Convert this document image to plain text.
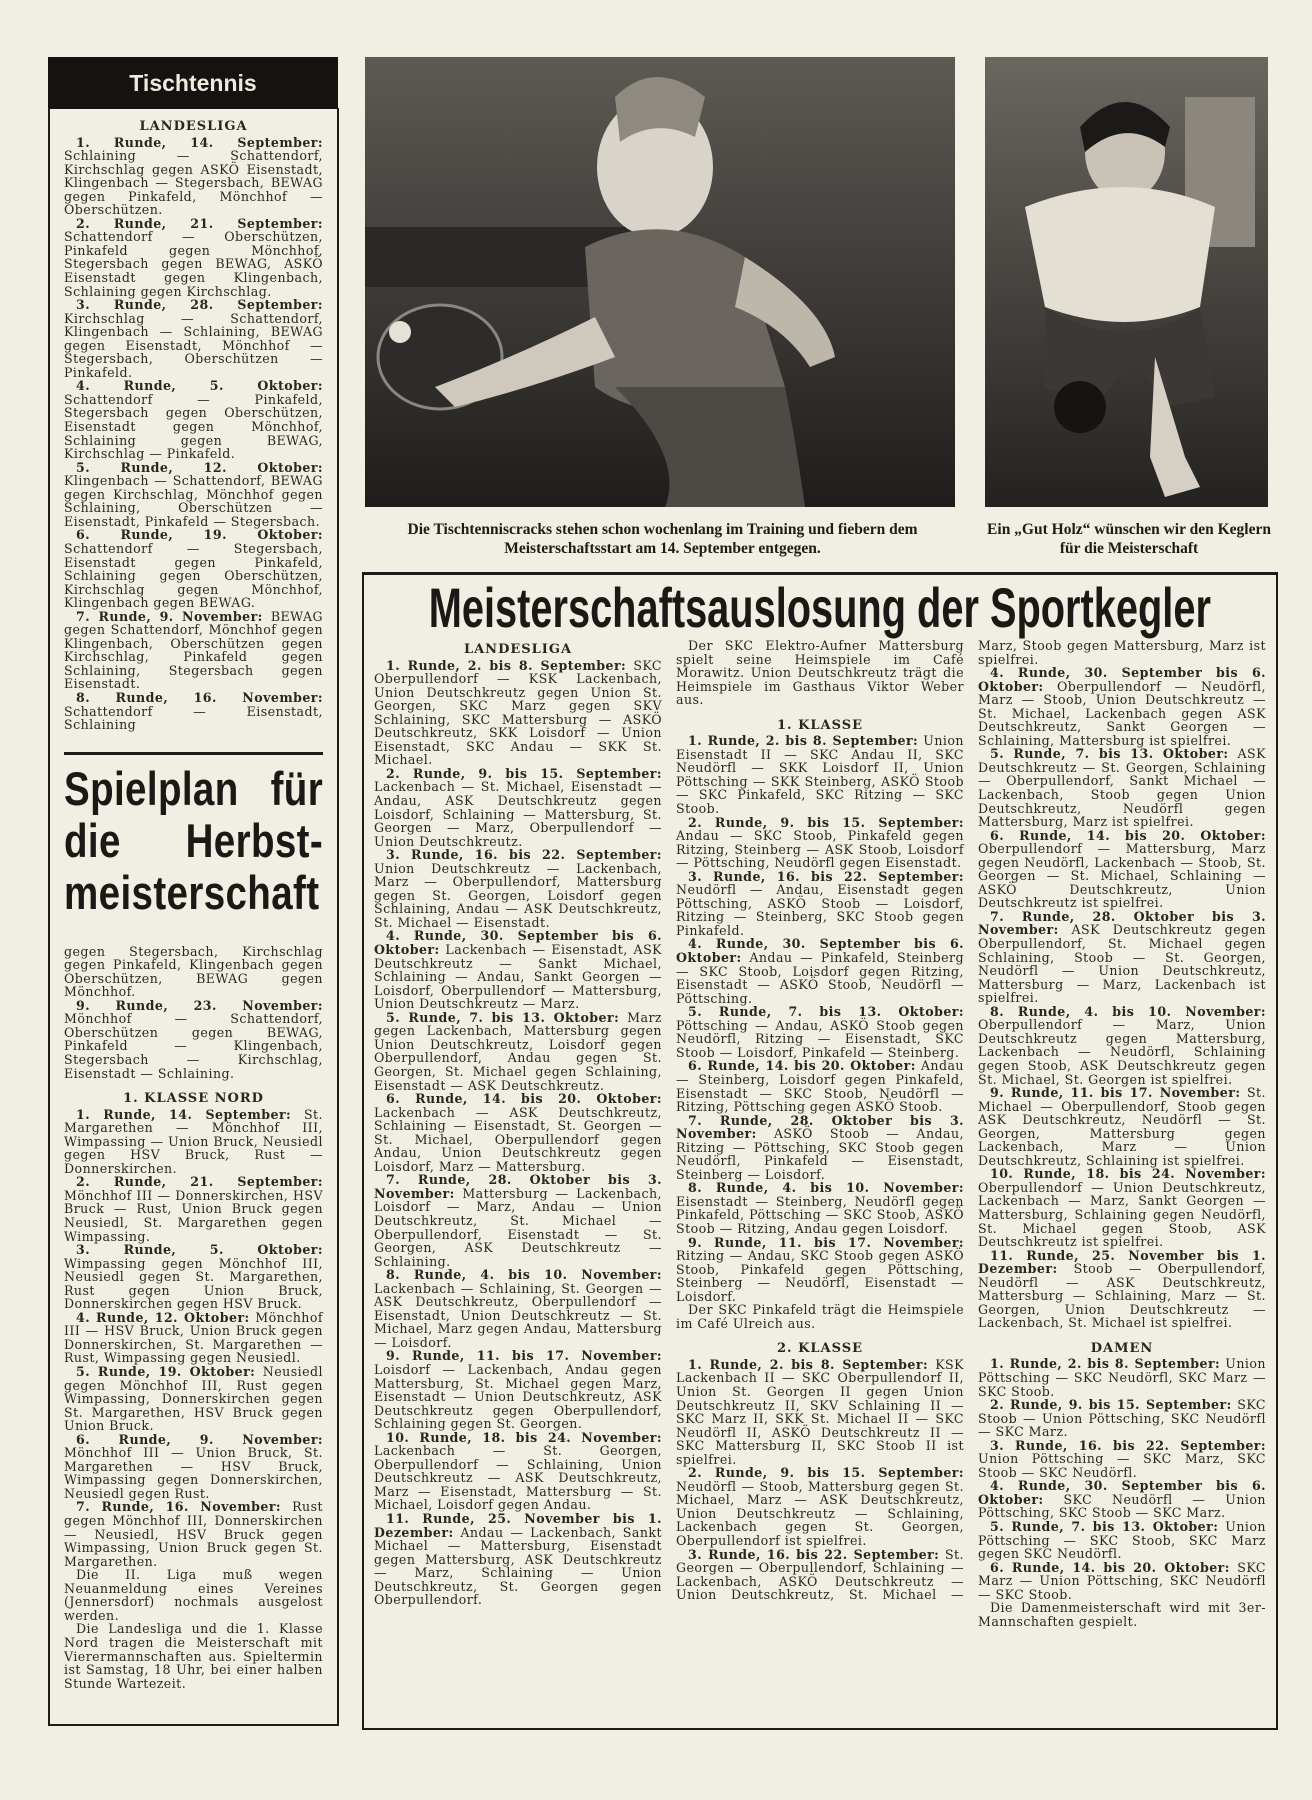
Tischtennis
LANDESLIGA

1. Runde, 14. September: Schlaining — Schattendorf, Kirchschlag gegen ASKÖ Eisenstadt, Klingenbach — Stegersbach, BEWAG gegen Pinkafeld, Mönchhof — Oberschützen.

2. Runde, 21. September: Schattendorf — Oberschützen, Pinkafeld gegen Mönchhof, Stegersbach gegen BEWAG, ASKÖ Eisenstadt gegen Klingenbach, Schlaining gegen Kirchschlag.

3. Runde, 28. September: Kirchschlag — Schattendorf, Klingenbach — Schlaining, BEWAG gegen Eisenstadt, Mönchhof — Stegersbach, Oberschützen — Pinkafeld.

4. Runde, 5. Oktober: Schattendorf — Pinkafeld, Stegersbach gegen Oberschützen, Eisenstadt gegen Mönchhof, Schlaining gegen BEWAG, Kirchschlag — Pinkafeld.

5. Runde, 12. Oktober: Klingenbach — Schattendorf, BEWAG gegen Kirchschlag, Mönchhof gegen Schlaining, Oberschützen — Eisenstadt, Pinkafeld — Stegersbach.

6. Runde, 19. Oktober: Schattendorf — Stegersbach, Eisenstadt gegen Pinkafeld, Schlaining gegen Oberschützen, Kirchschlag gegen Mönchhof, Klingenbach gegen BEWAG.

7. Runde, 9. November: BEWAG gegen Schattendorf, Mönchhof gegen Klingenbach, Oberschützen gegen Kirchschlag, Pinkafeld gegen Schlaining, Stegersbach gegen Eisenstadt.

8. Runde, 16. November: Schattendorf — Eisenstadt, Schlaining

Spielplan für die Herbst-meisterschaft

gegen Stegersbach, Kirchschlag gegen Pinkafeld, Klingenbach gegen Oberschützen, BEWAG gegen Mönchhof.

9. Runde, 23. November: Mönchhof — Schattendorf, Oberschützen gegen BEWAG, Pinkafeld — Klingenbach, Stegersbach — Kirchschlag, Eisenstadt — Schlaining.

1. KLASSE NORD

1. Runde, 14. September: St. Margarethen — Mönchhof III, Wimpassing — Union Bruck, Neusiedl gegen HSV Bruck, Rust — Donnerskirchen.

2. Runde, 21. September: Mönchhof III — Donnerskirchen, HSV Bruck — Rust, Union Bruck gegen Neusiedl, St. Margarethen gegen Wimpassing.

3. Runde, 5. Oktober: Wimpassing gegen Mönchhof III, Neusiedl gegen St. Margarethen, Rust gegen Union Bruck, Donnerskirchen gegen HSV Bruck.

4. Runde, 12. Oktober: Mönchhof III — HSV Bruck, Union Bruck gegen Donnerskirchen, St. Margarethen — Rust, Wimpassing gegen Neusiedl.

5. Runde, 19. Oktober: Neusiedl gegen Mönchhof III, Rust gegen Wimpassing, Donnerskirchen gegen St. Margarethen, HSV Bruck gegen Union Bruck.

6. Runde, 9. November: Mönchhof III — Union Bruck, St. Margarethen — HSV Bruck, Wimpassing gegen Donnerskirchen, Neusiedl gegen Rust.

7. Runde, 16. November: Rust gegen Mönchhof III, Donnerskirchen — Neusiedl, HSV Bruck gegen Wimpassing, Union Bruck gegen St. Margarethen.

Die II. Liga muß wegen Neuanmeldung eines Vereines (Jennersdorf) nochmals ausgelost werden.

Die Landesliga und die 1. Klasse Nord tragen die Meisterschaft mit Vierermannschaften aus. Spieltermin ist Samstag, 18 Uhr, bei einer halben Stunde Wartezeit.

Die Tischtenniscracks stehen schon wochenlang im Training und fiebern dem Meisterschaftsstart am 14. September entgegen.
Ein „Gut Holz“ wünschen wir den Keglern für die Meisterschaft
Meisterschaftsauslosung der Sportkegler
LANDESLIGA

1. Runde, 2. bis 8. September: SKC Oberpullendorf — KSK Lackenbach, Union Deutschkreutz gegen Union St. Georgen, SKC Marz gegen SKV Schlaining, SKC Mattersburg — ASKÖ Deutschkreutz, SKK Loisdorf — Union Eisenstadt, SKC Andau — SKK St. Michael.

2. Runde, 9. bis 15. September: Lackenbach — St. Michael, Eisenstadt — Andau, ASK Deutschkreutz gegen Loisdorf, Schlaining — Mattersburg, St. Georgen — Marz, Oberpullendorf — Union Deutschkreutz.

3. Runde, 16. bis 22. September: Union Deutschkreutz — Lackenbach, Marz — Oberpullendorf, Mattersburg gegen St. Georgen, Loisdorf gegen Schlaining, Andau — ASK Deutschkreutz, St. Michael — Eisenstadt.

4. Runde, 30. September bis 6. Oktober: Lackenbach — Eisenstadt, ASK Deutschkreutz — Sankt Michael, Schlaining — Andau, Sankt Georgen — Loisdorf, Oberpullendorf — Mattersburg, Union Deutschkreutz — Marz.

5. Runde, 7. bis 13. Oktober: Marz gegen Lackenbach, Mattersburg gegen Union Deutschkreutz, Loisdorf gegen Oberpullendorf, Andau gegen St. Georgen, St. Michael gegen Schlaining, Eisenstadt — ASK Deutschkreutz.

6. Runde, 14. bis 20. Oktober: Lackenbach — ASK Deutschkreutz, Schlaining — Eisenstadt, St. Georgen — St. Michael, Oberpullendorf gegen Andau, Union Deutschkreutz gegen Loisdorf, Marz — Mattersburg.

7. Runde, 28. Oktober bis 3. November: Mattersburg — Lackenbach, Loisdorf — Marz, Andau — Union Deutschkreutz, St. Michael — Oberpullendorf, Eisenstadt — St. Georgen, ASK Deutschkreutz — Schlaining.

8. Runde, 4. bis 10. November: Lackenbach — Schlaining, St. Georgen — ASK Deutschkreutz, Oberpullendorf — Eisenstadt, Union Deutschkreutz — St. Michael, Marz gegen Andau, Mattersburg — Loisdorf.

9. Runde, 11. bis 17. November: Loisdorf — Lackenbach, Andau gegen Mattersburg, St. Michael gegen Marz, Eisenstadt — Union Deutschkreutz, ASK Deutschkreutz gegen Oberpullendorf, Schlaining gegen St. Georgen.

10. Runde, 18. bis 24. November: Lackenbach — St. Georgen, Oberpullendorf — Schlaining, Union Deutschkreutz — ASK Deutschkreutz, Marz — Eisenstadt, Mattersburg — St. Michael, Loisdorf gegen Andau.

11. Runde, 25. November bis 1. Dezember: Andau — Lackenbach, Sankt Michael — Mattersburg, Eisenstadt gegen Mattersburg, ASK Deutschkreutz — Marz, Schlaining — Union Deutschkreutz, St. Georgen gegen Oberpullendorf.

Der SKC Elektro-Aufner Mattersburg spielt seine Heimspiele im Café Morawitz. Union Deutschkreutz trägt die Heimspiele im Gasthaus Viktor Weber aus.

1. KLASSE

1. Runde, 2. bis 8. September: Union Eisenstadt II — SKC Andau II, SKC Neudörfl — SKK Loisdorf II, Union Pöttsching — SKK Steinberg, ASKÖ Stoob — SKC Pinkafeld, SKC Ritzing — SKC Stoob.

2. Runde, 9. bis 15. September: Andau — SKC Stoob, Pinkafeld gegen Ritzing, Steinberg — ASK Stoob, Loisdorf — Pöttsching, Neudörfl gegen Eisenstadt.

3. Runde, 16. bis 22. September: Neudörfl — Andau, Eisenstadt gegen Pöttsching, ASKÖ Stoob — Loisdorf, Ritzing — Steinberg, SKC Stoob gegen Pinkafeld.

4. Runde, 30. September bis 6. Oktober: Andau — Pinkafeld, Steinberg — SKC Stoob, Loisdorf gegen Ritzing, Eisenstadt — ASKÖ Stoob, Neudörfl — Pöttsching.

5. Runde, 7. bis 13. Oktober: Pöttsching — Andau, ASKÖ Stoob gegen Neudörfl, Ritzing — Eisenstadt, SKC Stoob — Loisdorf, Pinkafeld — Steinberg.

6. Runde, 14. bis 20. Oktober: Andau — Steinberg, Loisdorf gegen Pinkafeld, Eisenstadt — SKC Stoob, Neudörfl — Ritzing, Pöttsching gegen ASKÖ Stoob.

7. Runde, 28. Oktober bis 3. November: ASKÖ Stoob — Andau, Ritzing — Pöttsching, SKC Stoob gegen Neudörfl, Pinkafeld — Eisenstadt, Steinberg — Loisdorf.

8. Runde, 4. bis 10. November: Eisenstadt — Steinberg, Neudörfl gegen Pinkafeld, Pöttsching — SKC Stoob, ASKÖ Stoob — Ritzing, Andau gegen Loisdorf.

9. Runde, 11. bis 17. November: Ritzing — Andau, SKC Stoob gegen ASKÖ Stoob, Pinkafeld gegen Pöttsching, Steinberg — Neudörfl, Eisenstadt — Loisdorf.

Der SKC Pinkafeld trägt die Heimspiele im Café Ulreich aus.

2. KLASSE

1. Runde, 2. bis 8. September: KSK Lackenbach II — SKC Oberpullendorf II, Union St. Georgen II gegen Union Deutschkreutz II, SKV Schlaining II — SKC Marz II, SKK St. Michael II — SKC Neudörfl II, ASKÖ Deutschkreutz II — SKC Mattersburg II, SKC Stoob II ist spielfrei.

2. Runde, 9. bis 15. September: Neudörfl — Stoob, Mattersburg gegen St. Michael, Marz — ASK Deutschkreutz, Union Deutschkreutz — Schlaining, Lackenbach gegen St. Georgen, Oberpullendorf ist spielfrei.

3. Runde, 16. bis 22. September: St. Georgen — Oberpullendorf, Schlaining — Lackenbach, ASKÖ Deutschkreutz — Union Deutschkreutz, St. Michael — Marz, Stoob gegen Mattersburg, Marz ist spielfrei.

4. Runde, 30. September bis 6. Oktober: Oberpullendorf — Neudörfl, Marz — Stoob, Union Deutschkreutz — St. Michael, Lackenbach gegen ASK Deutschkreutz, Sankt Georgen — Schlaining, Mattersburg ist spielfrei.

5. Runde, 7. bis 13. Oktober: ASK Deutschkreutz — St. Georgen, Schlaining — Oberpullendorf, Sankt Michael — Lackenbach, Stoob gegen Union Deutschkreutz, Neudörfl gegen Mattersburg, Marz ist spielfrei.

6. Runde, 14. bis 20. Oktober: Oberpullendorf — Mattersburg, Marz gegen Neudörfl, Lackenbach — Stoob, St. Georgen — St. Michael, Schlaining — ASKÖ Deutschkreutz, Union Deutschkreutz ist spielfrei.

7. Runde, 28. Oktober bis 3. November: ASK Deutschkreutz gegen Oberpullendorf, St. Michael gegen Schlaining, Stoob — St. Georgen, Neudörfl — Union Deutschkreutz, Mattersburg — Marz, Lackenbach ist spielfrei.

8. Runde, 4. bis 10. November: Oberpullendorf — Marz, Union Deutschkreutz gegen Mattersburg, Lackenbach — Neudörfl, Schlaining gegen Stoob, ASK Deutschkreutz gegen St. Michael, St. Georgen ist spielfrei.

9. Runde, 11. bis 17. November: St. Michael — Oberpullendorf, Stoob gegen ASK Deutschkreutz, Neudörfl — St. Georgen, Mattersburg gegen Lackenbach, Marz — Union Deutschkreutz, Schlaining ist spielfrei.

10. Runde, 18. bis 24. November: Oberpullendorf — Union Deutschkreutz, Lackenbach — Marz, Sankt Georgen — Mattersburg, Schlaining gegen Neudörfl, St. Michael gegen Stoob, ASK Deutschkreutz ist spielfrei.

11. Runde, 25. November bis 1. Dezember: Stoob — Oberpullendorf, Neudörfl — ASK Deutschkreutz, Mattersburg — Schlaining, Marz — St. Georgen, Union Deutschkreutz — Lackenbach, St. Michael ist spielfrei.

DAMEN

1. Runde, 2. bis 8. September: Union Pöttsching — SKC Neudörfl, SKC Marz — SKC Stoob.

2. Runde, 9. bis 15. September: SKC Stoob — Union Pöttsching, SKC Neudörfl — SKC Marz.

3. Runde, 16. bis 22. September: Union Pöttsching — SKC Marz, SKC Stoob — SKC Neudörfl.

4. Runde, 30. September bis 6. Oktober: SKC Neudörfl — Union Pöttsching, SKC Stoob — SKC Marz.

5. Runde, 7. bis 13. Oktober: Union Pöttsching — SKC Stoob, SKC Marz gegen SKC Neudörfl.

6. Runde, 14. bis 20. Oktober: SKC Marz — Union Pöttsching, SKC Neudörfl — SKC Stoob.

Die Damenmeisterschaft wird mit 3er-Mannschaften gespielt.
